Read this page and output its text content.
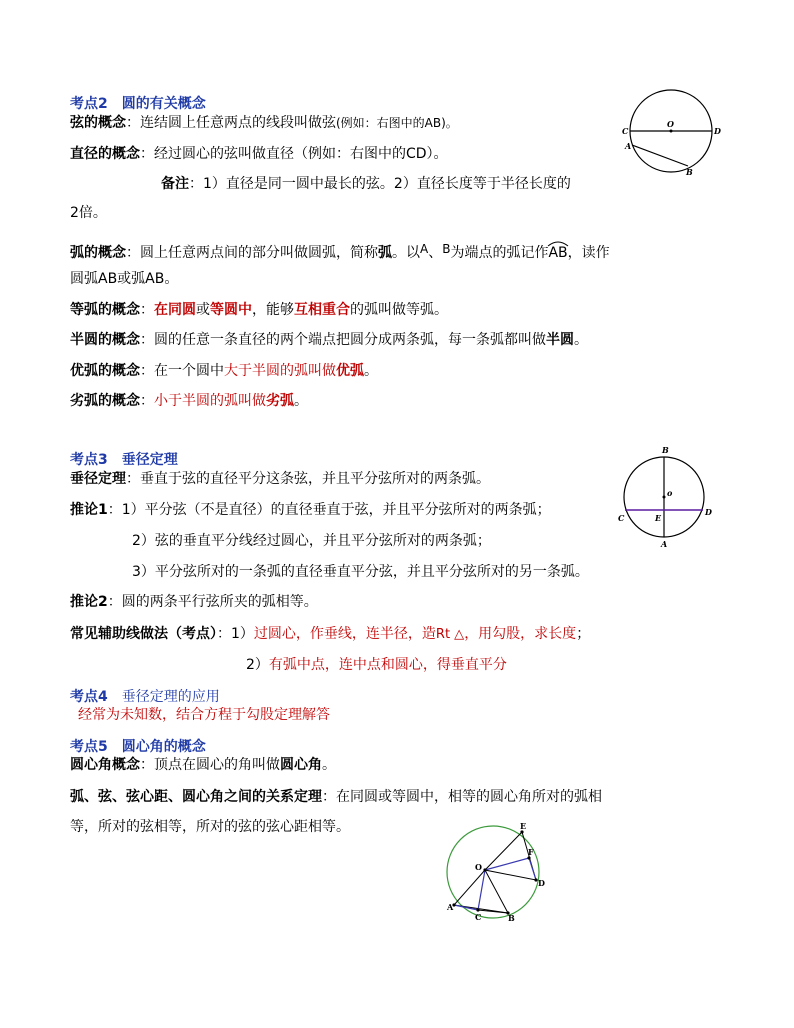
考点2 圆的有关概念
弦的概念：连结圆上任意两点的线段叫做弦(例如：右图中的AB)。
直径的概念：经过圆心的弦叫做直径（例如：右图中的CD）。
备注：1）直径是同一圆中最长的弦。2）直径长度等于半径长度的
2倍。
弧的概念：圆上任意两点间的部分叫做圆弧，简称弧。以A、B为端点的弧记作
AB，读作
圆弧AB或弧AB。
等弧的概念：在同圆或等圆中，能够互相重合的弧叫做等弧。
半圆的概念：圆的任意一条直径的两个端点把圆分成两条弧，每一条弧都叫做半圆。
优弧的概念：在一个圆中大于半圆的弧叫做优弧。
劣弧的概念：小于半圆的弧叫做劣弧。
O
C	D
A
B
考点3 垂径定理
垂径定理：垂直于弦的直径平分这条弦，并且平分弦所对的两条弧。
推论1：1）平分弦（不是直径）的直径垂直于弦，并且平分弦所对的两条弧；
2）弦的垂直平分线经过圆心，并且平分弦所对的两条弧；
3）平分弦所对的一条弧的直径垂直平分弦，并且平分弦所对的另一条弧。
推论2：圆的两条平行弦所夹的弧相等。
常见辅助线做法（考点）：1）过圆心，作垂线，连半径，造Rt △，用勾股，求长度；
2）有弧中点，连中点和圆心，得垂直平分
B
o
C	E
D
A
考点4 垂径定理的应用
经常为未知数，结合方程于勾股定理解答
考点5 圆心角的概念
圆心角概念：顶点在圆心的角叫做圆心角。
弧、弦、弦心距、圆心角之间的关系定理：在同圆或等圆中，相等的圆心角所对的弧相
等，所对的弦相等，所对的弦的弦心距相等。	E
F
O
D
A
C	B
